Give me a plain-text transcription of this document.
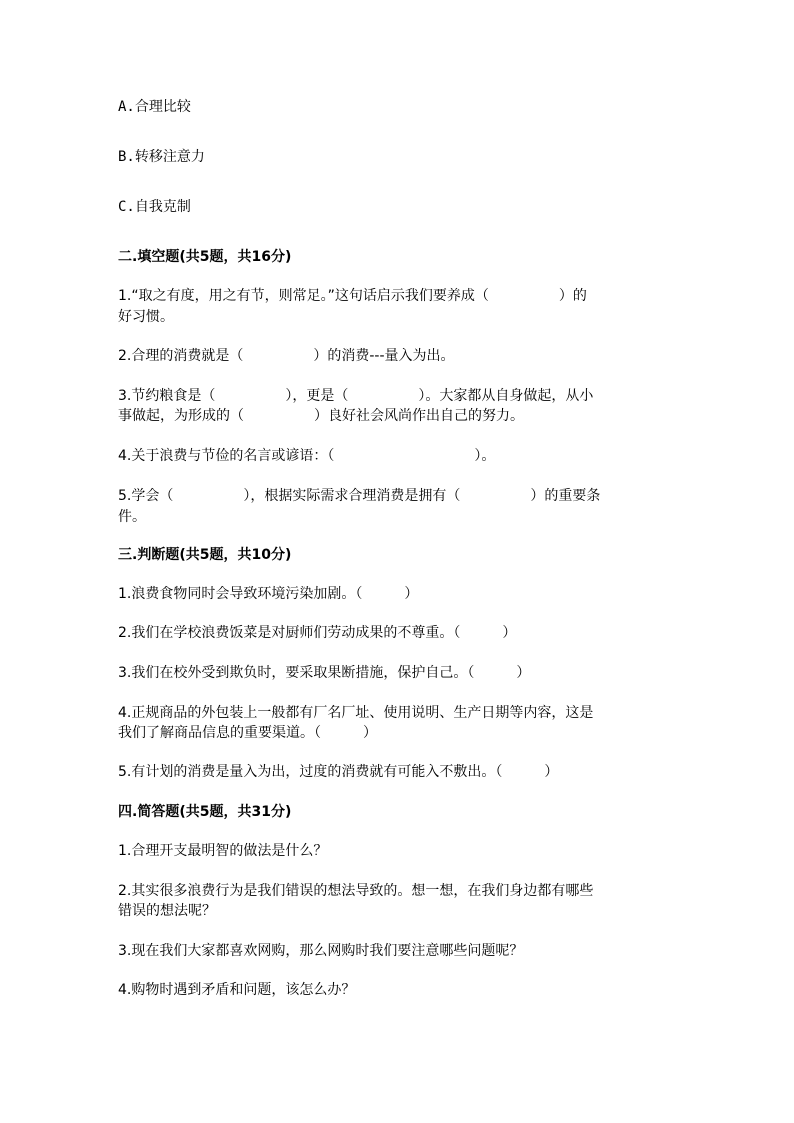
A.合理比较
B.转移注意力
C.自我克制
二.填空题(共5题，共16分)
1.“取之有度，用之有节，则常足。”这句话启示我们要养成（　　　　　）的
好习惯。
2.合理的消费就是（　　　　　）的消费---量入为出。
3.节约粮食是（　　　　　），更是（　　　　　）。大家都从自身做起，从小
事做起，为形成的（　　　　　）良好社会风尚作出自己的努力。
4.关于浪费与节俭的名言或谚语：（　　　　　　　　　　）。
5.学会（　　　　　），根据实际需求合理消费是拥有（　　　　　）的重要条
件。
三.判断题(共5题，共10分)
1.浪费食物同时会导致环境污染加剧。（　　　）
2.我们在学校浪费饭菜是对厨师们劳动成果的不尊重。（　　　）
3.我们在校外受到欺负时，要采取果断措施，保护自己。（　　　）
4.正规商品的外包装上一般都有厂名厂址、使用说明、生产日期等内容，这是
我们了解商品信息的重要渠道。（　　　）
5.有计划的消费是量入为出，过度的消费就有可能入不敷出。（　　　）
四.简答题(共5题，共31分)
1.合理开支最明智的做法是什么？
2.其实很多浪费行为是我们错误的想法导致的。想一想，在我们身边都有哪些
错误的想法呢？
3.现在我们大家都喜欢网购，那么网购时我们要注意哪些问题呢？
4.购物时遇到矛盾和问题，该怎么办？
